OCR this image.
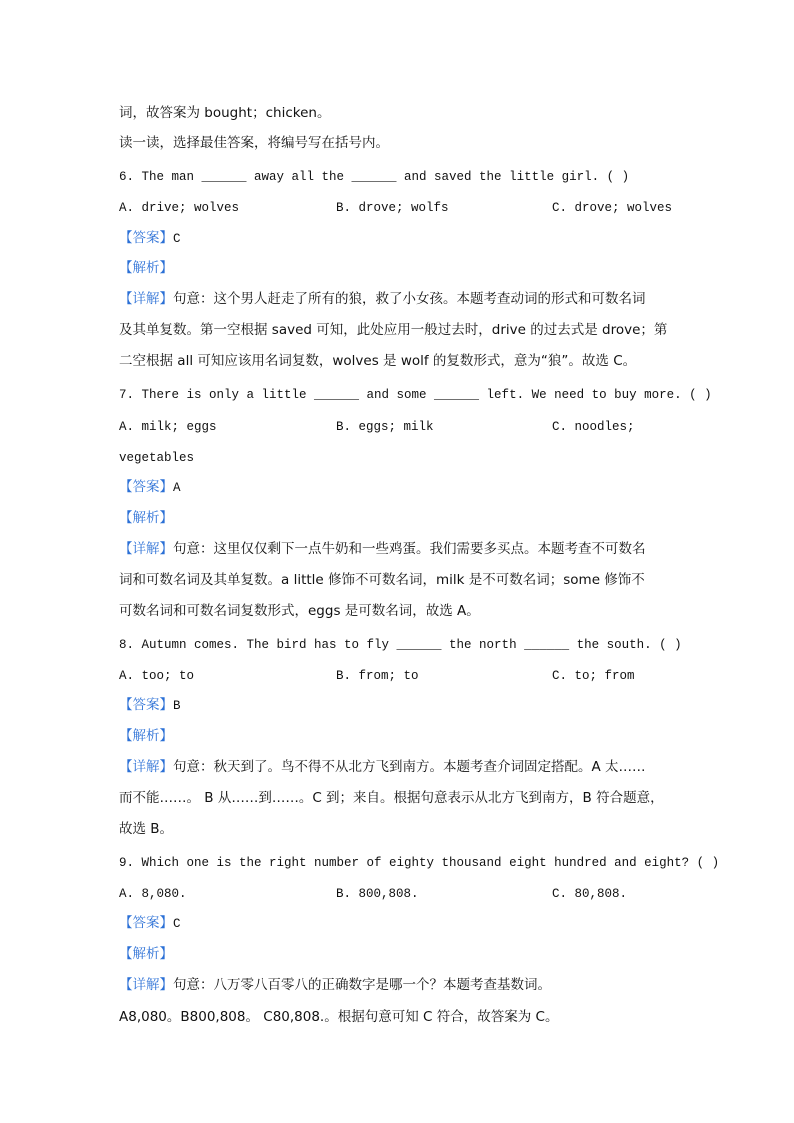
词，故答案为 bought；chicken。
读一读，选择最佳答案，将编号写在括号内。
6. The man ______ away all the ______ and saved the little girl. ( )
A. drive; wolves	B. drove; wolfs	C. drove; wolves
【答案】C
【解析】
【详解】句意：这个男人赶走了所有的狼，救了小女孩。本题考查动词的形式和可数名词
及其单复数。第一空根据 saved 可知，此处应用一般过去时，drive 的过去式是 drove；第
二空根据 all 可知应该用名词复数，wolves 是 wolf 的复数形式，意为“狼”。故选 C。
7. There is only a little ______ and some ______ left. We need to buy more. ( )
A. milk; eggs	B. eggs; milk	C. noodles;
vegetables
【答案】A
【解析】
【详解】句意：这里仅仅剩下一点牛奶和一些鸡蛋。我们需要多买点。本题考查不可数名
词和可数名词及其单复数。a little 修饰不可数名词，milk 是不可数名词；some 修饰不
可数名词和可数名词复数形式，eggs 是可数名词，故选 A。
8. Autumn comes. The bird has to fly ______ the north ______ the south. ( )
A. too; to	B. from; to	C. to; from
【答案】B
【解析】
【详解】句意：秋天到了。鸟不得不从北方飞到南方。本题考查介词固定搭配。A 太……
而不能……。 B 从……到……。C 到；来自。根据句意表示从北方飞到南方，B 符合题意，
故选 B。
9. Which one is the right number of eighty thousand eight hundred and eight? ( )
A. 8,080.	B. 800,808.	C. 80,808.
【答案】C
【解析】
【详解】句意：八万零八百零八的正确数字是哪一个？本题考查基数词。
A8,080。B800,808。 C80,808.。根据句意可知 C 符合，故答案为 C。
